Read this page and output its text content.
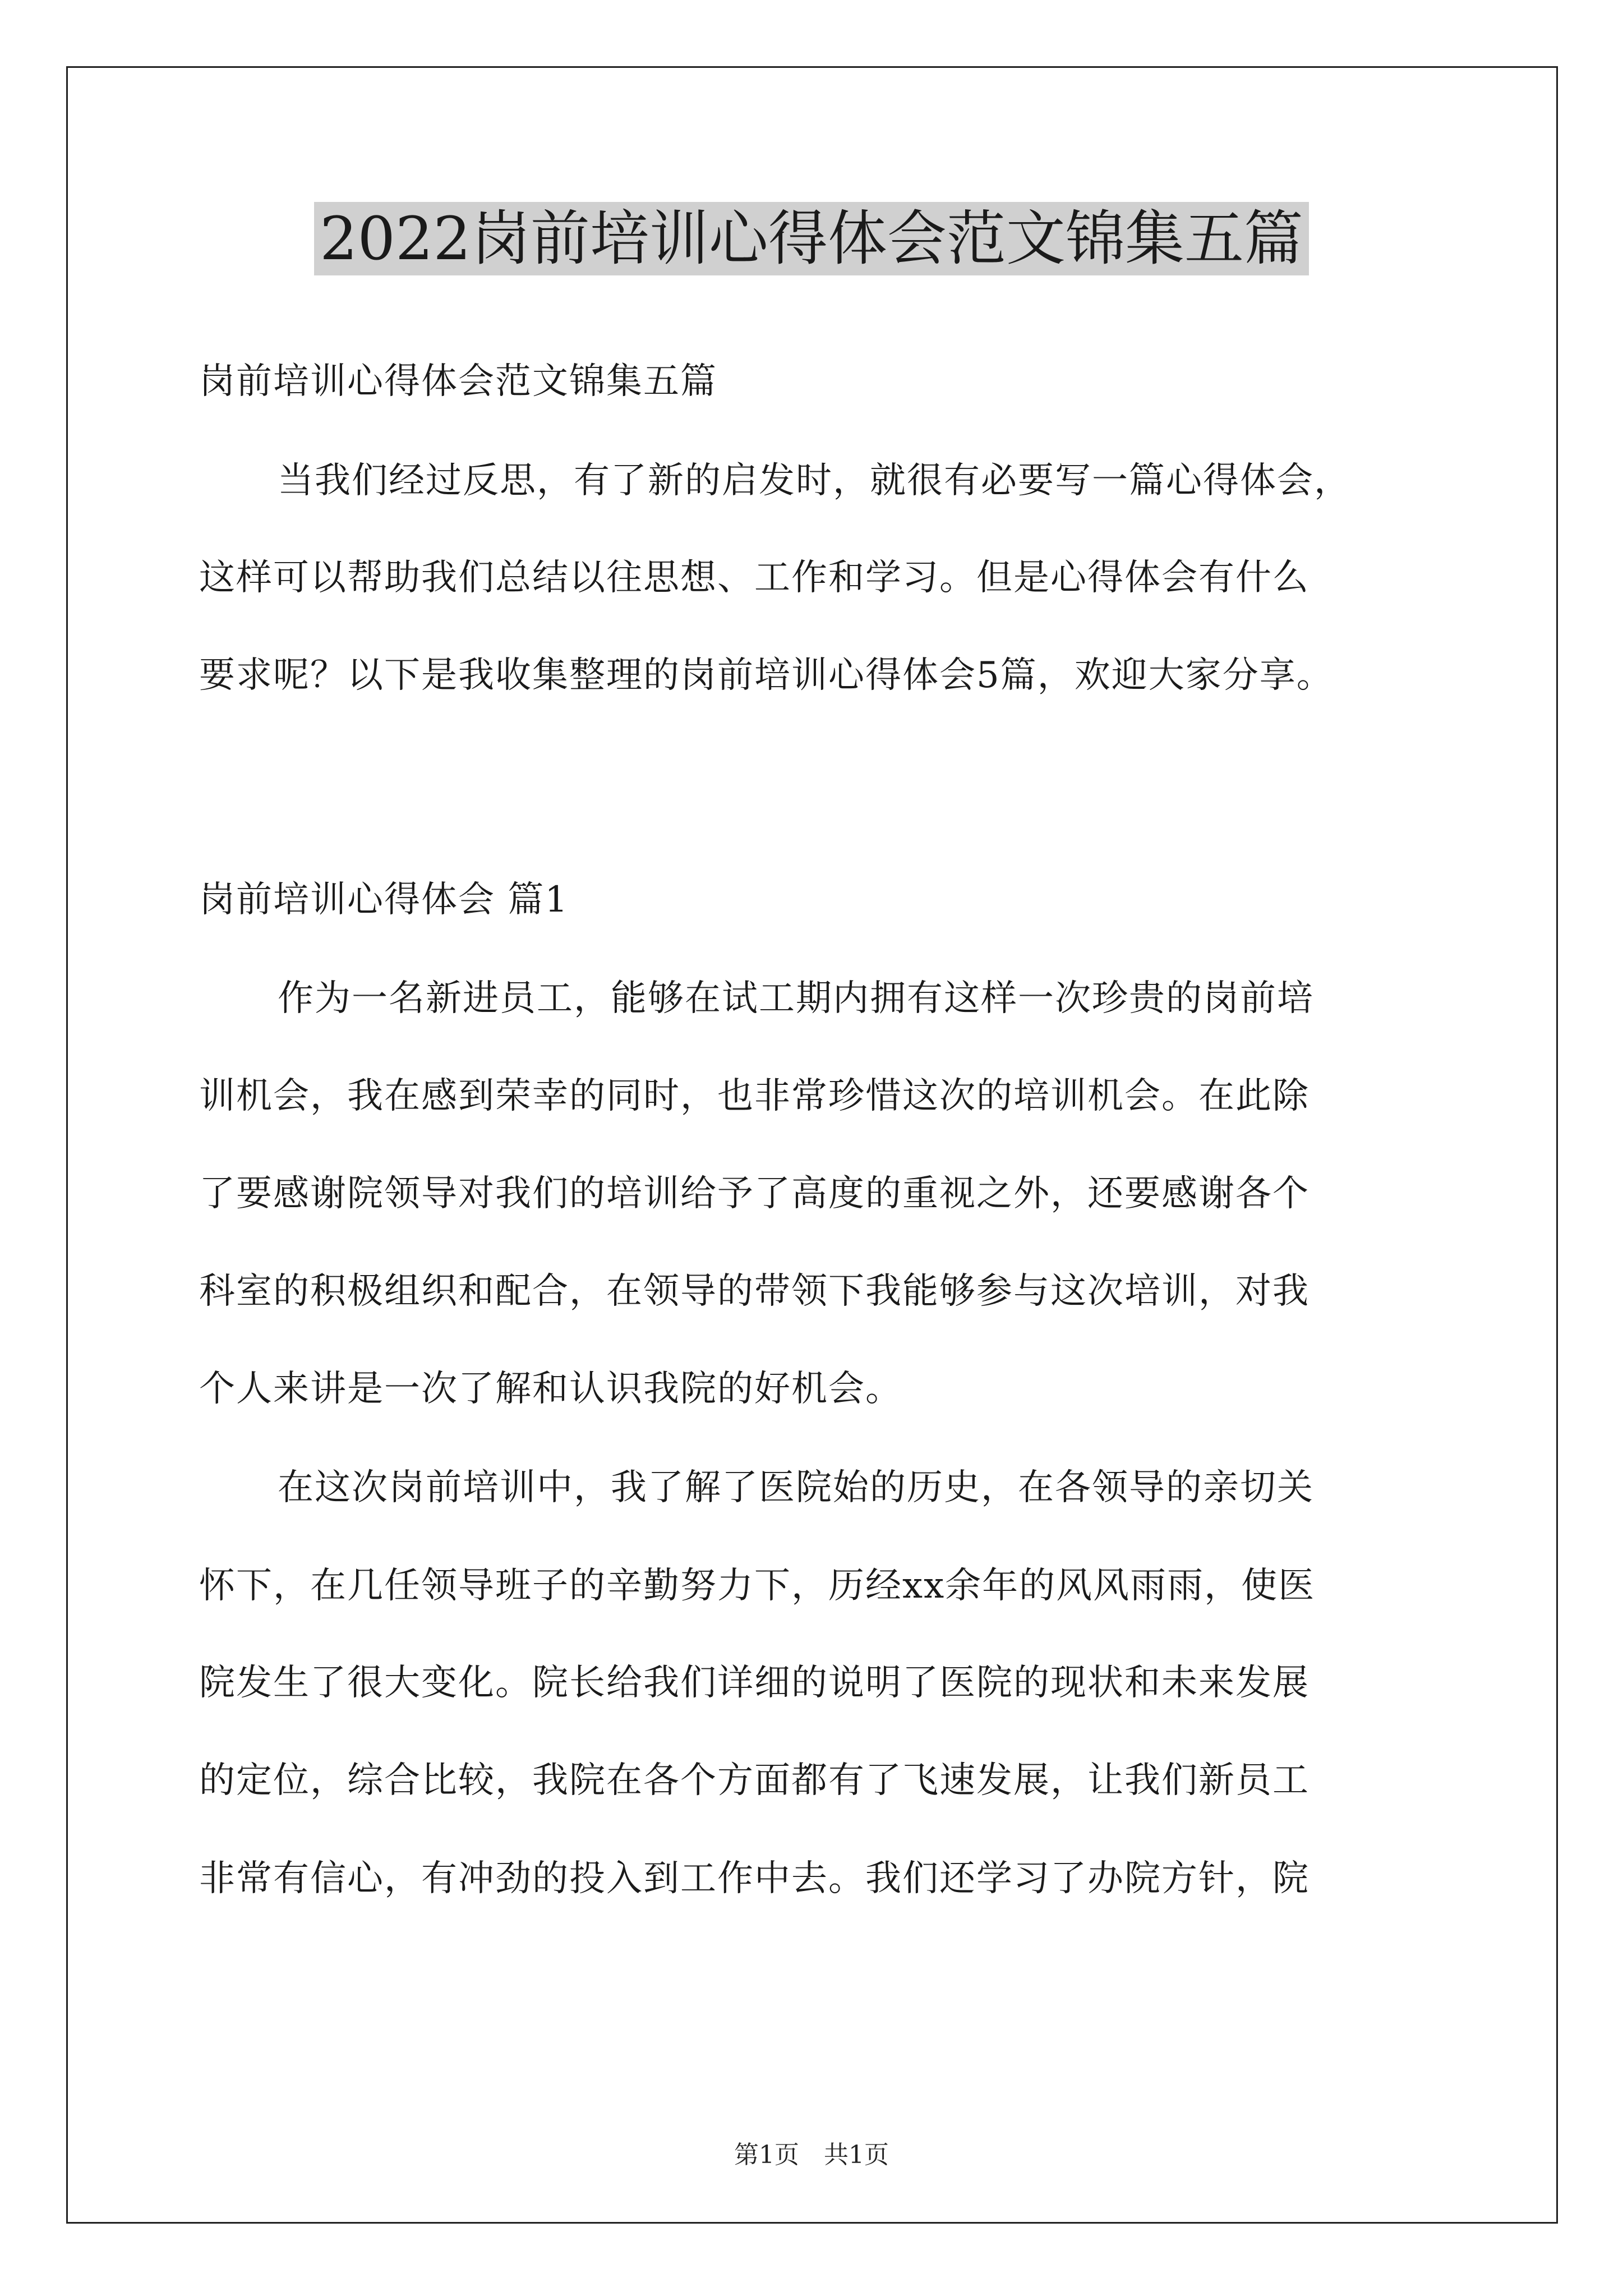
2022岗前培训心得体会范文锦集五篇
岗前培训心得体会范文锦集五篇
当我们经过反思，有了新的启发时，就很有必要写一篇心得体会，
这样可以帮助我们总结以往思想、工作和学习。但是心得体会有什么
要求呢？以下是我收集整理的岗前培训心得体会5篇，欢迎大家分享。
岗前培训心得体会 篇1
作为一名新进员工，能够在试工期内拥有这样一次珍贵的岗前培
训机会，我在感到荣幸的同时，也非常珍惜这次的培训机会。在此除
了要感谢院领导对我们的培训给予了高度的重视之外，还要感谢各个
科室的积极组织和配合，在领导的带领下我能够参与这次培训，对我
个人来讲是一次了解和认识我院的好机会。
在这次岗前培训中，我了解了医院始的历史，在各领导的亲切关
怀下，在几任领导班子的辛勤努力下，历经xx余年的风风雨雨，使医
院发生了很大变化。院长给我们详细的说明了医院的现状和未来发展
的定位，综合比较，我院在各个方面都有了飞速发展，让我们新员工
非常有信心，有冲劲的投入到工作中去。我们还学习了办院方针，院
第1页　共1页
